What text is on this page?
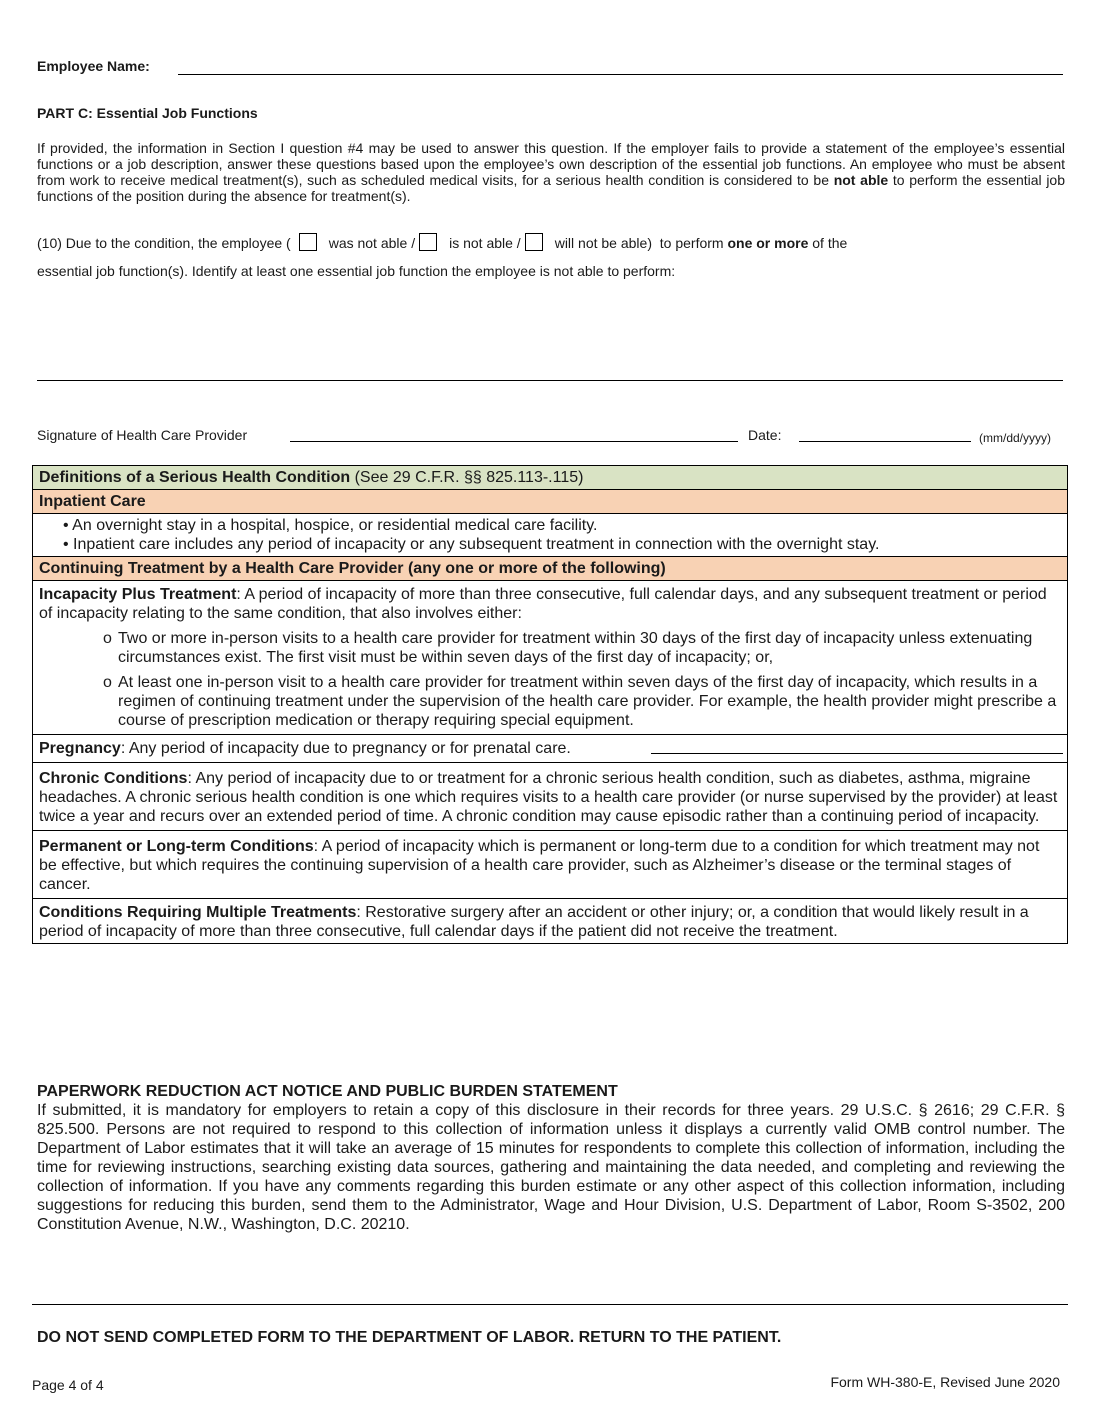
Employee Name:
PART C: Essential Job Functions
If provided, the information in Section I question #4 may be used to answer this question. If the employer fails to provide a statement of the employee’s essential functions or a job description, answer these questions based upon the employee’s own description of the essential job functions. An employee who must be absent from work to receive medical treatment(s), such as scheduled medical visits, for a serious health condition is considered to be not able to perform the essential job functions of the position during the absence for treatment(s).
(10) Due to the condition, the employee (	was not able / is not able / will not be able) to perform one or more of the
essential job function(s). Identify at least one essential job function the employee is not able to perform:
Signature of Health Care Provider	Date:	(mm/dd/yyyy)
Definitions of a Serious Health Condition (See 29 C.F.R. §§ 825.113-.115)
Inpatient Care

• An overnight stay in a hospital, hospice, or residential medical care facility.
• Inpatient care includes any period of incapacity or any subsequent treatment in connection with the overnight stay.

Continuing Treatment by a Health Care Provider (any one or more of the following)

Incapacity Plus Treatment: A period of incapacity of more than three consecutive, full calendar days, and any subsequent treatment or period of incapacity relating to the same condition, that also involves either:
o Two or more in-person visits to a health care provider for treatment within 30 days of the first day of incapacity unless extenuating circumstances exist. The first visit must be within seven days of the first day of incapacity; or,
o At least one in-person visit to a health care provider for treatment within seven days of the first day of incapacity, which results in a regimen of continuing treatment under the supervision of the health care provider. For example, the health provider might prescribe a course of prescription medication or therapy requiring special equipment.

Pregnancy: Any period of incapacity due to pregnancy or for prenatal care.

Chronic Conditions: Any period of incapacity due to or treatment for a chronic serious health condition, such as diabetes, asthma, migraine headaches. A chronic serious health condition is one which requires visits to a health care provider (or nurse supervised by the provider) at least twice a year and recurs over an extended period of time. A chronic condition may cause episodic rather than a continuing period of incapacity.
Permanent or Long-term Conditions: A period of incapacity which is permanent or long-term due to a condition for which treatment may not be effective, but which requires the continuing supervision of a health care provider, such as Alzheimer’s disease or the terminal stages of cancer.
Conditions Requiring Multiple Treatments: Restorative surgery after an accident or other injury; or, a condition that would likely result in a period of incapacity of more than three consecutive, full calendar days if the patient did not receive the treatment.
PAPERWORK REDUCTION ACT NOTICE AND PUBLIC BURDEN STATEMENT
If submitted, it is mandatory for employers to retain a copy of this disclosure in their records for three years. 29 U.S.C. § 2616; 29 C.F.R. § 825.500. Persons are not required to respond to this collection of information unless it displays a currently valid OMB control number. The Department of Labor estimates that it will take an average of 15 minutes for respondents to complete this collection of information, including the time for reviewing instructions, searching existing data sources, gathering and maintaining the data needed, and completing and reviewing the collection of information. If you have any comments regarding this burden estimate or any other aspect of this collection information, including suggestions for reducing this burden, send them to the Administrator, Wage and Hour Division, U.S. Department of Labor, Room S-3502, 200 Constitution Avenue, N.W., Washington, D.C. 20210.
DO NOT SEND COMPLETED FORM TO THE DEPARTMENT OF LABOR. RETURN TO THE PATIENT.
Page 4 of 4	Form WH-380-E, Revised June 2020
